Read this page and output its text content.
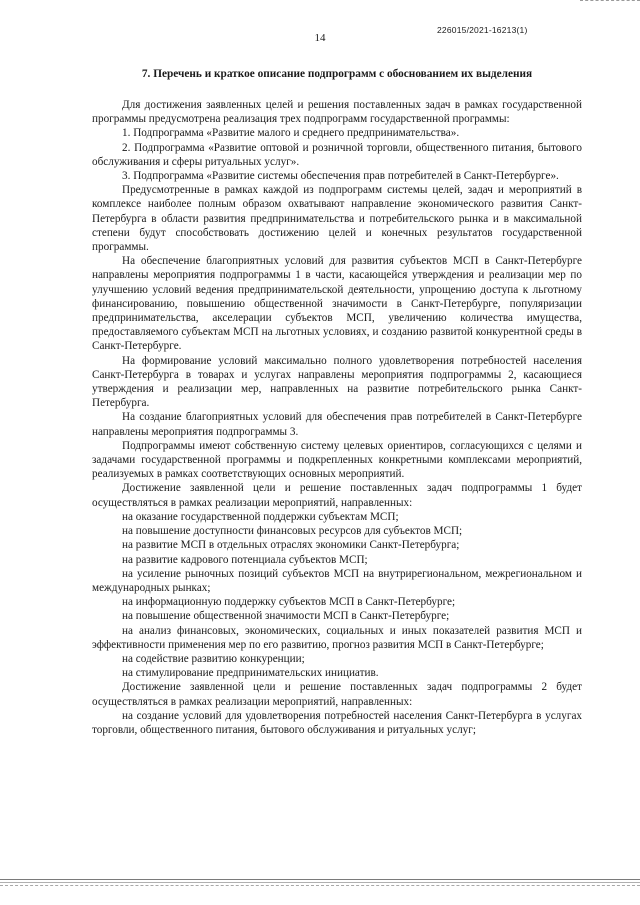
14
226015/2021-16213(1)
7. Перечень и краткое описание подпрограмм с обоснованием их выделения

Для достижения заявленных целей и решения поставленных задач в рамках государственной программы предусмотрена реализация трех подпрограмм государственной программы:

1. Подпрограмма «Развитие малого и среднего предпринимательства».

2. Подпрограмма «Развитие оптовой и розничной торговли, общественного питания, бытового обслуживания и сферы ритуальных услуг».

3. Подпрограмма «Развитие системы обеспечения прав потребителей в Санкт-Петербурге».

Предусмотренные в рамках каждой из подпрограмм системы целей, задач и мероприятий в комплексе наиболее полным образом охватывают направление экономического развития Санкт-Петербурга в области развития предпринимательства и потребительского рынка и в максимальной степени будут способствовать достижению целей и конечных результатов государственной программы.

На обеспечение благоприятных условий для развития субъектов МСП в Санкт-Петербурге направлены мероприятия подпрограммы 1 в части, касающейся утверждения и реализации мер по улучшению условий ведения предпринимательской деятельности, упрощению доступа к льготному финансированию, повышению общественной значимости в Санкт-Петербурге, популяризации предпринимательства, акселерации субъектов МСП, увеличению количества имущества, предоставляемого субъектам МСП на льготных условиях, и созданию развитой конкурентной среды в Санкт-Петербурге.

На формирование условий максимально полного удовлетворения потребностей населения Санкт-Петербурга в товарах и услугах направлены мероприятия подпрограммы 2, касающиеся утверждения и реализации мер, направленных на развитие потребительского рынка Санкт-Петербурга.

На создание благоприятных условий для обеспечения прав потребителей в Санкт-Петербурге направлены мероприятия подпрограммы 3.

Подпрограммы имеют собственную систему целевых ориентиров, согласующихся с целями и задачами государственной программы и подкрепленных конкретными комплексами мероприятий, реализуемых в рамках соответствующих основных мероприятий.

Достижение заявленной цели и решение поставленных задач подпрограммы 1 будет осуществляться в рамках реализации мероприятий, направленных:

на оказание государственной поддержки субъектам МСП;

на повышение доступности финансовых ресурсов для субъектов МСП;

на развитие МСП в отдельных отраслях экономики Санкт-Петербурга;

на развитие кадрового потенциала субъектов МСП;

на усиление рыночных позиций субъектов МСП на внутрирегиональном, межрегиональном и международных рынках;

на информационную поддержку субъектов МСП в Санкт-Петербурге;

на повышение общественной значимости МСП в Санкт-Петербурге;

на анализ финансовых, экономических, социальных и иных показателей развития МСП и эффективности применения мер по его развитию, прогноз развития МСП в Санкт-Петербурге;

на содействие развитию конкуренции;

на стимулирование предпринимательских инициатив.

Достижение заявленной цели и решение поставленных задач подпрограммы 2 будет осуществляться в рамках реализации мероприятий, направленных:

на создание условий для удовлетворения потребностей населения Санкт-Петербурга в услугах торговли, общественного питания, бытового обслуживания и ритуальных услуг;
